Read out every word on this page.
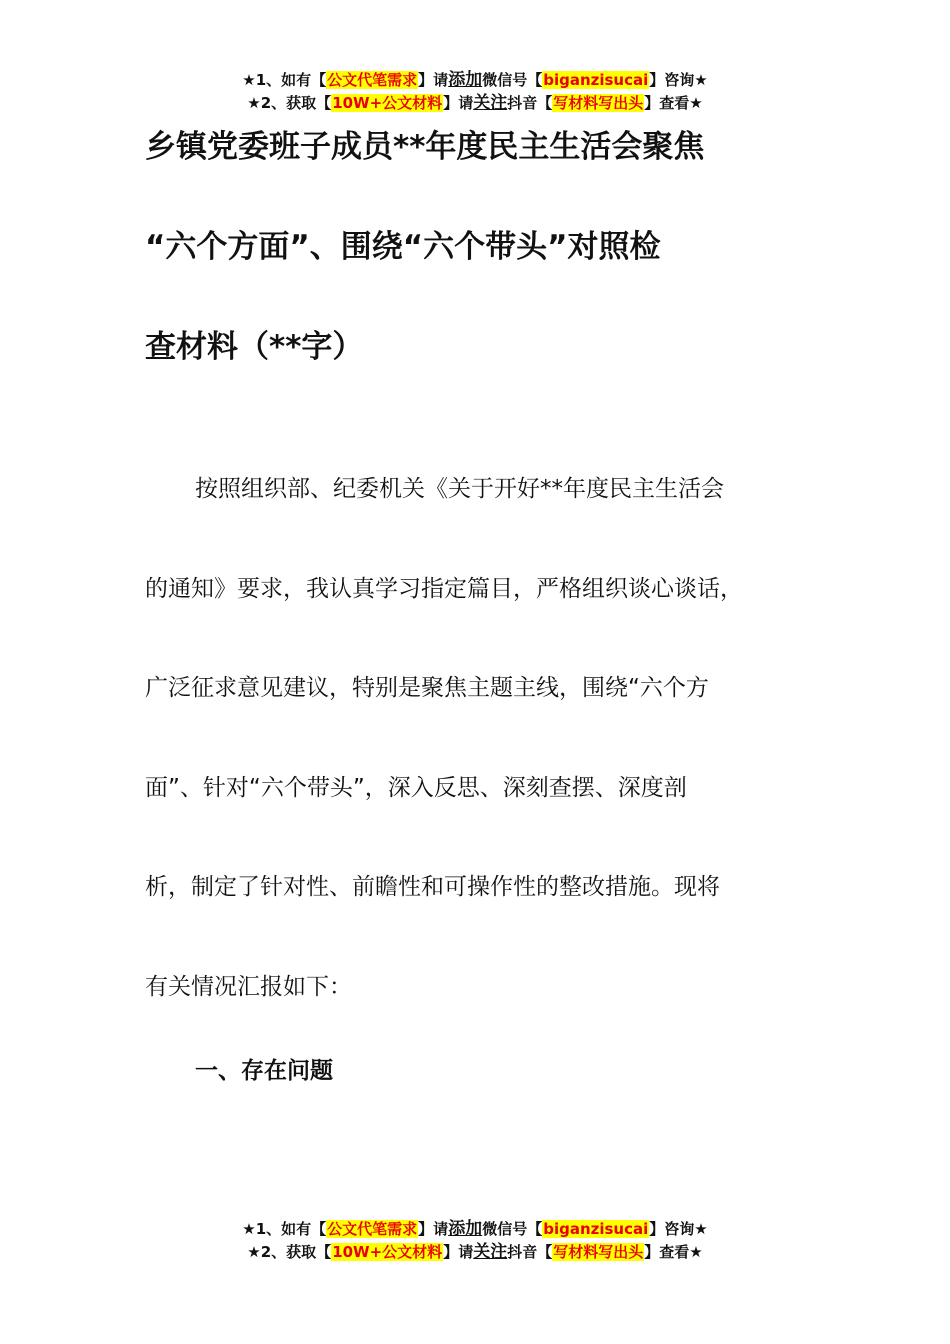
★1、如有【公文代笔需求】请添加微信号【biganzisucai】咨询★
★2、获取【10W+公文材料】请关注抖音【写材料写出头】查看★
乡镇党委班子成员**年度民主生活会聚焦
“六个方面”、围绕“六个带头”对照检
查材料（**字）
按照组织部、纪委机关《关于开好**年度民主生活会
的通知》要求，我认真学习指定篇目，严格组织谈心谈话，
广泛征求意见建议，特别是聚焦主题主线，围绕“六个方
面”、针对“六个带头”，深入反思、深刻查摆、深度剖
析，制定了针对性、前瞻性和可操作性的整改措施。现将
有关情况汇报如下：
一、存在问题
★1、如有【公文代笔需求】请添加微信号【biganzisucai】咨询★
★2、获取【10W+公文材料】请关注抖音【写材料写出头】查看★
